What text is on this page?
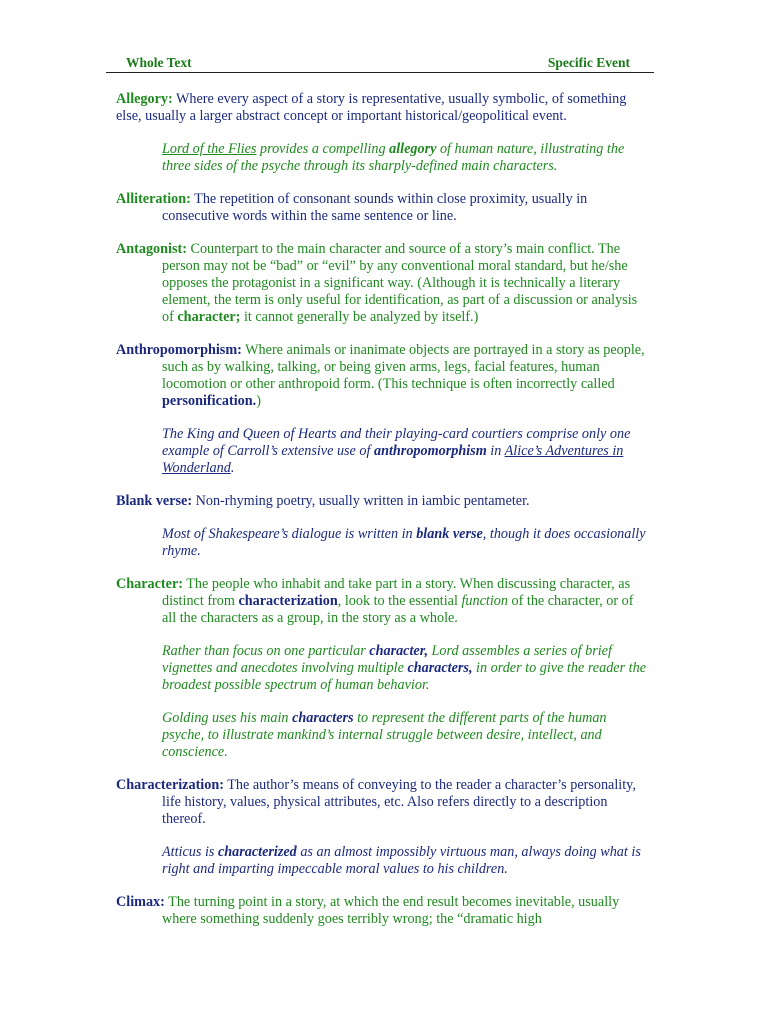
Whole Text	Specific Event

Allegory: Where every aspect of a story is representative, usually symbolic, of something else, usually a larger abstract concept or important historical/geopolitical event.

Lord of the Flies provides a compelling allegory of human nature, illustrating the three sides of the psyche through its sharply-defined main characters.

Alliteration: The repetition of consonant sounds within close proximity, usually in consecutive words within the same sentence or line.

Antagonist: Counterpart to the main character and source of a story’s main conflict. The person may not be “bad” or “evil” by any conventional moral standard, but he/she opposes the protagonist in a significant way. (Although it is technically a literary element, the term is only useful for identification, as part of a discussion or analysis of character; it cannot generally be analyzed by itself.)

Anthropomorphism: Where animals or inanimate objects are portrayed in a story as people, such as by walking, talking, or being given arms, legs, facial features, human locomotion or other anthropoid form. (This technique is often incorrectly called personification.)

The King and Queen of Hearts and their playing-card courtiers comprise only one example of Carroll’s extensive use of anthropomorphism in Alice’s Adventures in Wonderland.

Blank verse: Non-rhyming poetry, usually written in iambic pentameter.

Most of Shakespeare’s dialogue is written in blank verse, though it does occasionally rhyme.

Character: The people who inhabit and take part in a story. When discussing character, as distinct from characterization, look to the essential function of the character, or of all the characters as a group, in the story as a whole.

Rather than focus on one particular character, Lord assembles a series of brief vignettes and anecdotes involving multiple characters, in order to give the reader the broadest possible spectrum of human behavior.

Golding uses his main characters to represent the different parts of the human psyche, to illustrate mankind’s internal struggle between desire, intellect, and conscience.

Characterization: The author’s means of conveying to the reader a character’s personality, life history, values, physical attributes, etc. Also refers directly to a description thereof.

Atticus is characterized as an almost impossibly virtuous man, always doing what is right and imparting impeccable moral values to his children.

Climax: The turning point in a story, at which the end result becomes inevitable, usually where something suddenly goes terribly wrong; the “dramatic high
